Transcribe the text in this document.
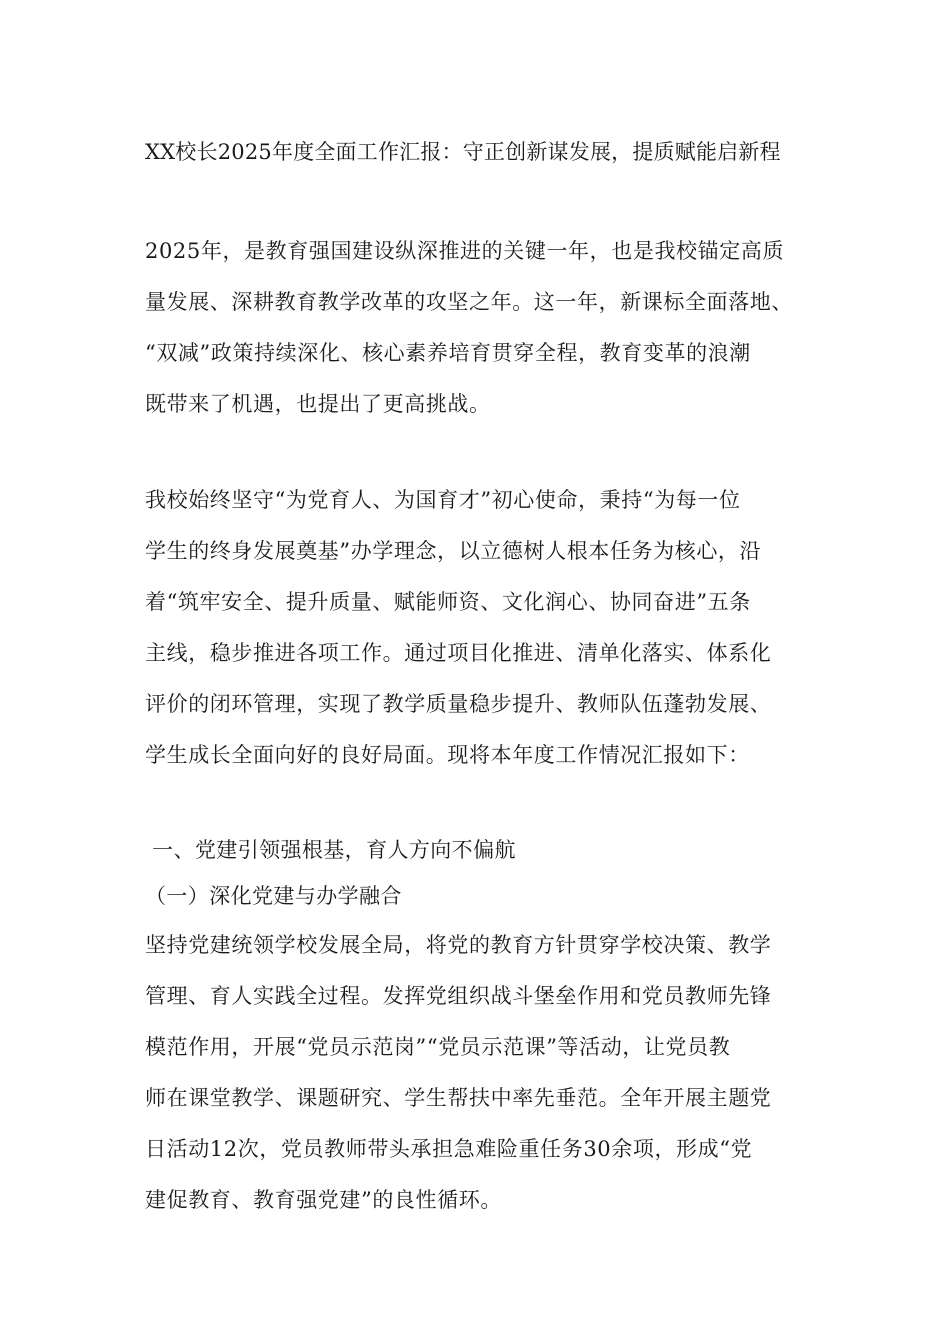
XX校长2025年度全面工作汇报：守正创新谋发展，提质赋能启新程
2025年，是教育强国建设纵深推进的关键一年，也是我校锚定高质
量发展、深耕教育教学改革的攻坚之年。这一年，新课标全面落地、
“双减”政策持续深化、核心素养培育贯穿全程，教育变革的浪潮
既带来了机遇，也提出了更高挑战。
我校始终坚守“为党育人、为国育才”初心使命，秉持“为每一位
学生的终身发展奠基”办学理念，以立德树人根本任务为核心，沿
着“筑牢安全、提升质量、赋能师资、文化润心、协同奋进”五条
主线，稳步推进各项工作。通过项目化推进、清单化落实、体系化
评价的闭环管理，实现了教学质量稳步提升、教师队伍蓬勃发展、
学生成长全面向好的良好局面。现将本年度工作情况汇报如下：
一、党建引领强根基，育人方向不偏航
（一）深化党建与办学融合
坚持党建统领学校发展全局，将党的教育方针贯穿学校决策、教学
管理、育人实践全过程。发挥党组织战斗堡垒作用和党员教师先锋
模范作用，开展“党员示范岗”“党员示范课”等活动，让党员教
师在课堂教学、课题研究、学生帮扶中率先垂范。全年开展主题党
日活动12次，党员教师带头承担急难险重任务30余项，形成“党
建促教育、教育强党建”的良性循环。
